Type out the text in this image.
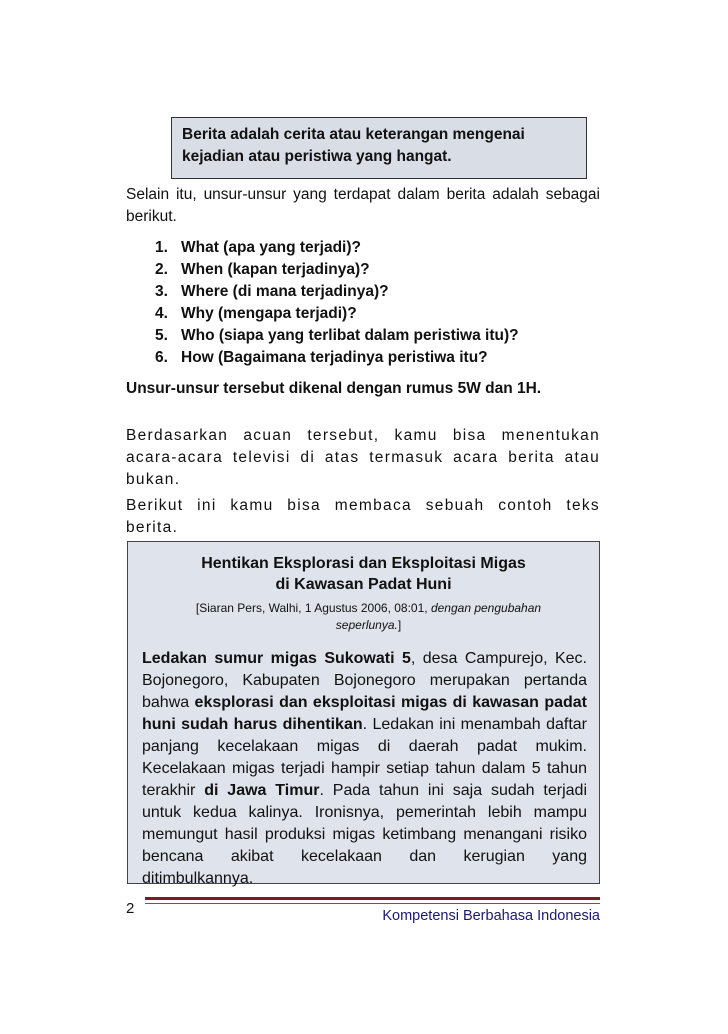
Berita adalah cerita atau keterangan mengenai
kejadian atau peristiwa yang hangat.
Selain itu, unsur-unsur yang terdapat dalam berita adalah sebagai berikut.
1. What (apa yang terjadi)?
2. When (kapan terjadinya)?
3. Where (di mana terjadinya)?
4. Why (mengapa terjadi)?
5. Who (siapa yang terlibat dalam peristiwa itu)?
6. How (Bagaimana terjadinya peristiwa itu?
Unsur-unsur tersebut dikenal dengan rumus 5W dan 1H.
Berdasarkan acuan tersebut, kamu bisa menentukan acara-acara televisi di atas termasuk acara berita atau bukan.
Berikut ini kamu bisa membaca sebuah contoh teks berita.
Hentikan Eksplorasi dan Eksploitasi Migas
di Kawasan Padat Huni
[Siaran Pers, Walhi, 1 Agustus 2006, 08:01, dengan pengubahan
seperlunya.]
Ledakan sumur migas Sukowati 5, desa Campurejo, Kec. Bojonegoro, Kabupaten Bojonegoro merupakan pertanda bahwa eksplorasi dan eksploitasi migas di kawasan padat huni sudah harus dihentikan. Ledakan ini menambah daftar panjang kecelakaan migas di daerah padat mukim. Kecelakaan migas terjadi hampir setiap tahun dalam 5 tahun terakhir di Jawa Timur. Pada tahun ini saja sudah terjadi untuk kedua kalinya. Ironisnya, pemerintah lebih mampu memungut hasil produksi migas ketimbang menangani risiko bencana akibat kecelakaan dan kerugian yang ditimbulkannya.
2	Kompetensi Berbahasa Indonesia
